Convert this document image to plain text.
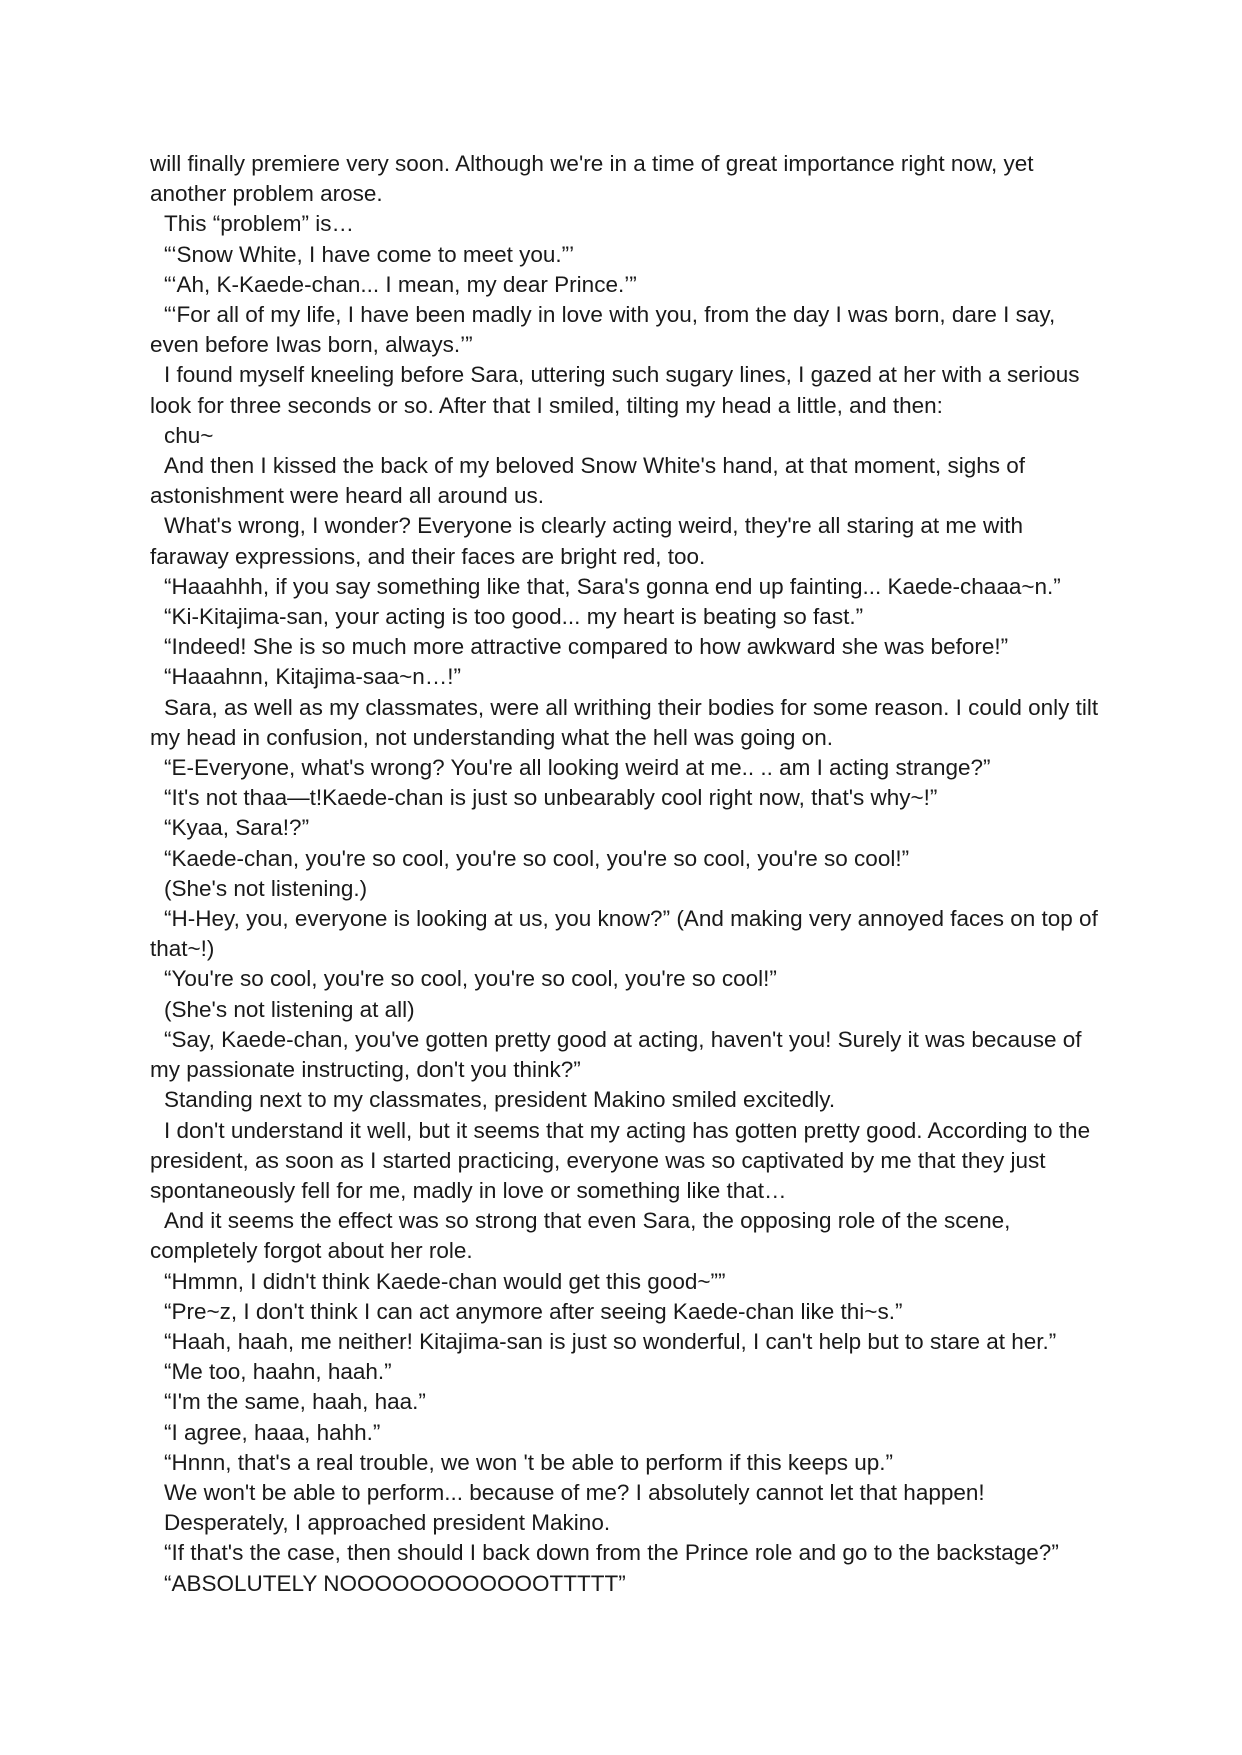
will finally premiere very soon. Although we're in a time of great importance right now, yet another problem arose.

This “problem” is…

“‘Snow White, I have come to meet you.”’

“‘Ah, K-Kaede-chan... I mean, my dear Prince.’”

“‘For all of my life, I have been madly in love with you, from the day I was born, dare I say, even before Iwas born, always.’”

I found myself kneeling before Sara, uttering such sugary lines, I gazed at her with a serious look for three seconds or so. After that I smiled, tilting my head a little, and then:

chu~

And then I kissed the back of my beloved Snow White's hand, at that moment, sighs of astonishment were heard all around us.

What's wrong, I wonder? Everyone is clearly acting weird, they're all staring at me with faraway expressions, and their faces are bright red, too.

“Haaahhh, if you say something like that, Sara's gonna end up fainting... Kaede-chaaa~n.”

“Ki-Kitajima-san, your acting is too good... my heart is beating so fast.”

“Indeed! She is so much more attractive compared to how awkward she was before!”

“Haaahnn, Kitajima-saa~n…!”

Sara, as well as my classmates, were all writhing their bodies for some reason. I could only tilt my head in confusion, not understanding what the hell was going on.

“E-Everyone, what's wrong? You're all looking weird at me.. .. am I acting strange?”

“It's not thaa—t!Kaede-chan is just so unbearably cool right now, that's why~!”

“Kyaa, Sara!?”

“Kaede-chan, you're so cool, you're so cool, you're so cool, you're so cool!”

(She's not listening.)

“H-Hey, you, everyone is looking at us, you know?” (And making very annoyed faces on top of that~!)

“You're so cool, you're so cool, you're so cool, you're so cool!”

(She's not listening at all)

“Say, Kaede-chan, you've gotten pretty good at acting, haven't you! Surely it was because of my passionate instructing, don't you think?”

Standing next to my classmates, president Makino smiled excitedly.

I don't understand it well, but it seems that my acting has gotten pretty good. According to the president, as soon as I started practicing, everyone was so captivated by me that they just spontaneously fell for me, madly in love or something like that…

And it seems the effect was so strong that even Sara, the opposing role of the scene, completely forgot about her role.

“Hmmn, I didn't think Kaede-chan would get this good~””

“Pre~z, I don't think I can act anymore after seeing Kaede-chan like thi~s.”

“Haah, haah, me neither! Kitajima-san is just so wonderful, I can't help but to stare at her.”

“Me too, haahn, haah.”

“I'm the same, haah, haa.”

“I agree, haaa, hahh.”

“Hnnn, that's a real trouble, we won 't be able to perform if this keeps up.”

We won't be able to perform... because of me? I absolutely cannot let that happen!

Desperately, I approached president Makino.

“If that's the case, then should I back down from the Prince role and go to the backstage?”

“ABSOLUTELY NOOOOOOOOOOOOTTTTT”
